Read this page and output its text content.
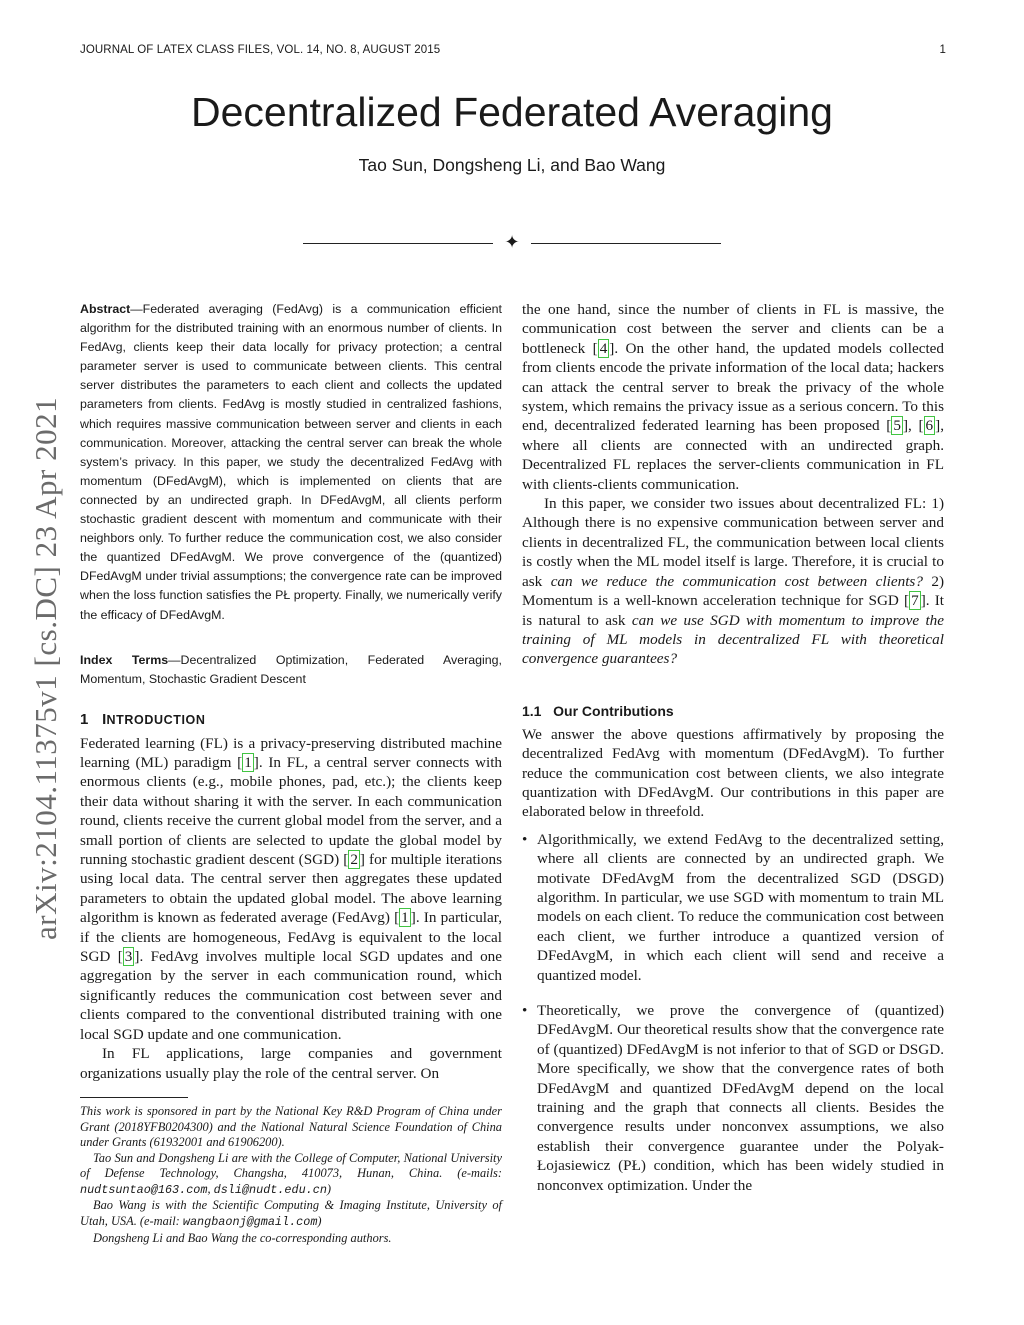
JOURNAL OF LATEX CLASS FILES, VOL. 14, NO. 8, AUGUST 2015	1
Decentralized Federated Averaging
Tao Sun, Dongsheng Li, and Bao Wang
✦
arXiv:2104.11375v1 [cs.DC] 23 Apr 2021

Abstract—Federated averaging (FedAvg) is a communication efficient algorithm for the distributed training with an enormous number of clients. In FedAvg, clients keep their data locally for privacy protection; a central parameter server is used to communicate between clients. This central server distributes the parameters to each client and collects the updated parameters from clients. FedAvg is mostly studied in centralized fashions, which requires massive communication between server and clients in each communication. Moreover, attacking the central server can break the whole system’s privacy. In this paper, we study the decentralized FedAvg with momentum (DFedAvgM), which is implemented on clients that are connected by an undirected graph. In DFedAvgM, all clients perform stochastic gradient descent with momentum and communicate with their neighbors only. To further reduce the communication cost, we also consider the quantized DFedAvgM. We prove convergence of the (quantized) DFedAvgM under trivial assumptions; the convergence rate can be improved when the loss function satisfies the PŁ property. Finally, we numerically verify the efficacy of DFedAvgM.

Index Terms—Decentralized Optimization, Federated Averaging, Momentum, Stochastic Gradient Descent

1 INTRODUCTION

Federated learning (FL) is a privacy-preserving distributed machine learning (ML) paradigm [ 1 ]. In FL, a central server connects with enormous clients (e.g., mobile phones, pad, etc.); the clients keep their data without sharing it with the server. In each communication round, clients receive the current global model from the server, and a small portion of clients are selected to update the global model by running stochastic gradient descent (SGD) [ 2 ] for multiple iterations using local data. The central server then aggregates these updated parameters to obtain the updated global model. The above learning algorithm is known as federated average (FedAvg) [ 1 ]. In particular, if the clients are homogeneous, FedAvg is equivalent to the local SGD [ 3 ]. FedAvg involves multiple local SGD updates and one aggregation by the server in each communication round, which significantly reduces the communication cost between sever and clients compared to the conventional distributed training with one local SGD update and one communication.

In FL applications, large companies and government organizations usually play the role of the central server. On

This work is sponsored in part by the National Key R&D Program of China under Grant (2018YFB0204300) and the National Natural Science Foundation of China under Grants (61932001 and 61906200).

Tao Sun and Dongsheng Li are with the College of Computer, National University of Defense Technology, Changsha, 410073, Hunan, China. (e-mails: nudtsuntao@163.com, dsli@nudt.edu.cn)

Bao Wang is with the Scientific Computing & Imaging Institute, University of Utah, USA. (e-mail: wangbaonj@gmail.com)

Dongsheng Li and Bao Wang the co-corresponding authors.

the one hand, since the number of clients in FL is massive, the communication cost between the server and clients can be a bottleneck [ 4 ]. On the other hand, the updated models collected from clients encode the private information of the local data; hackers can attack the central server to break the privacy of the whole system, which remains the privacy issue as a serious concern. To this end, decentralized federated learning has been proposed [ 5 ], [ 6 ], where all clients are connected with an undirected graph. Decentralized FL replaces the server-clients communication in FL with clients-clients communication.

In this paper, we consider two issues about decentralized FL: 1) Although there is no expensive communication between server and clients in decentralized FL, the communication between local clients is costly when the ML model itself is large. Therefore, it is crucial to ask can we reduce the communication cost between clients? 2) Momentum is a well-known acceleration technique for SGD [ 7 ]. It is natural to ask can we use SGD with momentum to improve the training of ML models in decentralized FL with theoretical convergence guarantees?

1.1 Our Contributions

We answer the above questions affirmatively by proposing the decentralized FedAvg with momentum (DFedAvgM). To further reduce the communication cost between clients, we also integrate quantization with DFedAvgM. Our contributions in this paper are elaborated below in threefold.

• Algorithmically, we extend FedAvg to the decentralized setting, where all clients are connected by an undirected graph. We motivate DFedAvgM from the decentralized SGD (DSGD) algorithm. In particular, we use SGD with momentum to train ML models on each client. To reduce the communication cost between each client, we further introduce a quantized version of DFedAvgM, in which each client will send and receive a quantized model.
• Theoretically, we prove the convergence of (quantized) DFedAvgM. Our theoretical results show that the convergence rate of (quantized) DFedAvgM is not inferior to that of SGD or DSGD. More specifically, we show that the convergence rates of both DFedAvgM and quantized DFedAvgM depend on the local training and the graph that connects all clients. Besides the convergence results under nonconvex assumptions, we also establish their convergence guarantee under the Polyak-Łojasiewicz (PŁ) condition, which has been widely studied in nonconvex optimization. Under the
